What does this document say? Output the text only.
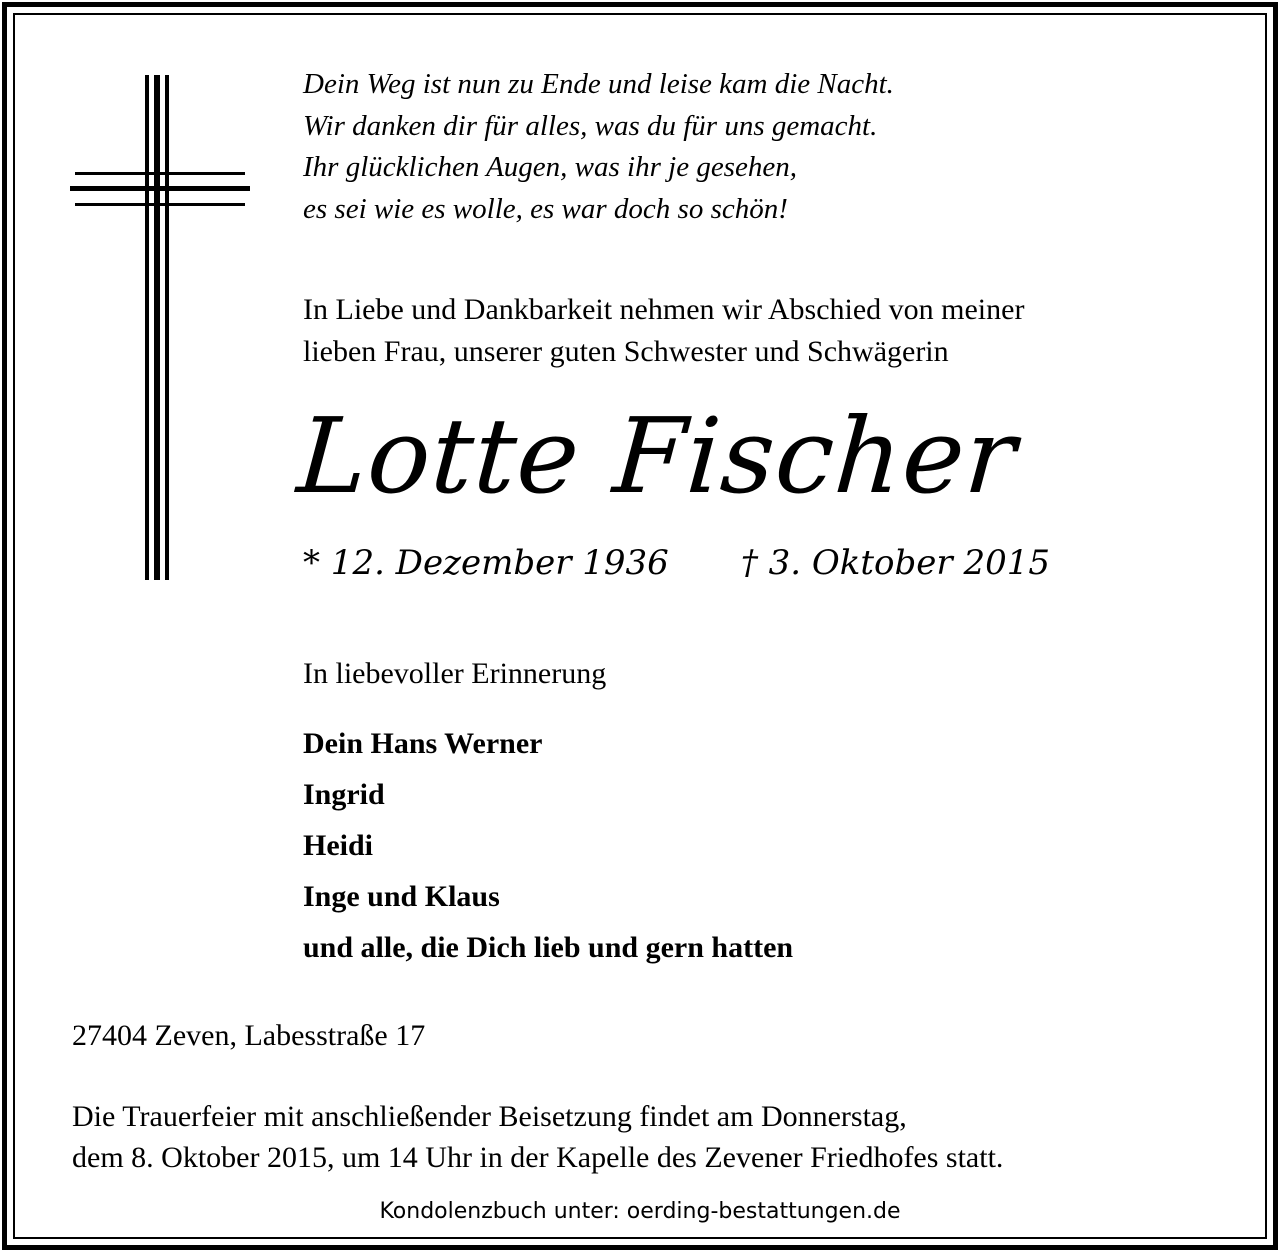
Dein Weg ist nun zu Ende und leise kam die Nacht.
Wir danken dir für alles, was du für uns gemacht.
Ihr glücklichen Augen, was ihr je gesehen,
es sei wie es wolle, es war doch so schön!
In Liebe und Dankbarkeit nehmen wir Abschied von meiner
lieben Frau, unserer guten Schwester und Schwägerin
Lotte Fischer
* 12. Dezember 1936 † 3. Oktober 2015
In liebevoller Erinnerung
Dein Hans Werner
Ingrid
Heidi
Inge und Klaus
und alle, die Dich lieb und gern hatten
27404 Zeven, Labesstraße 17
Die Trauerfeier mit anschließender Beisetzung findet am Donnerstag,
dem 8. Oktober 2015, um 14 Uhr in der Kapelle des Zevener Friedhofes statt.
Kondolenzbuch unter: oerding-bestattungen.de
